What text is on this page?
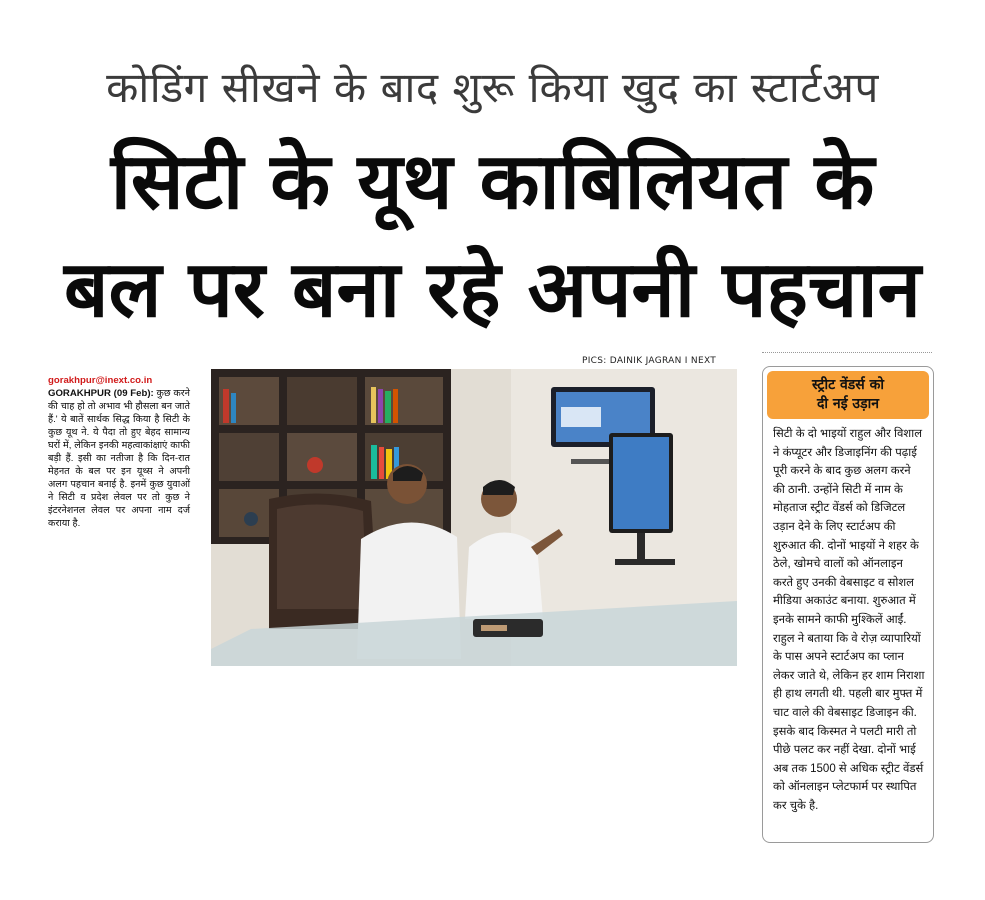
कोडिंग सीखने के बाद शुरू किया खुद का स्टार्टअप
सिटी के यूथ काबिलियत के
बल पर बना रहे अपनी पहचान
PICS: DAINIK JAGRAN I NEXT
gorakhpur@inext.co.in
GORAKHPUR (09 Feb): कुछ करने की चाह हो तो अभाव भी हौसला बन जाते हैं.' ये बातें सार्थक सिद्ध किया है सिटी के कुछ यूथ ने. ये पैदा तो हुए बेहद सामान्य घरों में, लेकिन इनकी महत्वाकांक्षाएं काफी बड़ी हैं. इसी का नतीजा है कि दिन-रात मेहनत के बल पर इन यूथ्स ने अपनी अलग पहचान बनाई है. इनमें कुछ युवाओं ने सिटी व प्रदेश लेवल पर तो कुछ ने इंटरनेशनल लेवल पर अपना नाम दर्ज कराया है.
स्ट्रीट वेंडर्स को
दी नई उड़ान
सिटी के दो भाइयों राहुल और विशाल ने कंप्यूटर और डिजाइनिंग की पढ़ाई पूरी करने के बाद कुछ अलग करने की ठानी. उन्होंने सिटी में नाम के मोहताज स्ट्रीट वेंडर्स को डिजिटल उड़ान देने के लिए स्टार्टअप की शुरुआत की. दोनों भाइयों ने शहर के ठेले, खोमचे वालों को ऑनलाइन करते हुए उनकी वेबसाइट व सोशल मीडिया अकाउंट बनाया. शुरुआत में इनके सामने काफी मुश्किलें आईं. राहुल ने बताया कि वे रोज़ व्यापारियों के पास अपने स्टार्टअप का प्लान लेकर जाते थे, लेकिन हर शाम निराशा ही हाथ लगती थी. पहली बार मुफ्त में चाट वाले की वेबसाइट डिजाइन की. इसके बाद किस्मत ने पलटी मारी तो पीछे पलट कर नहीं देखा. दोनों भाई अब तक 1500 से अधिक स्ट्रीट वेंडर्स को ऑनलाइन प्लेटफार्म पर स्थापित कर चुके है.
